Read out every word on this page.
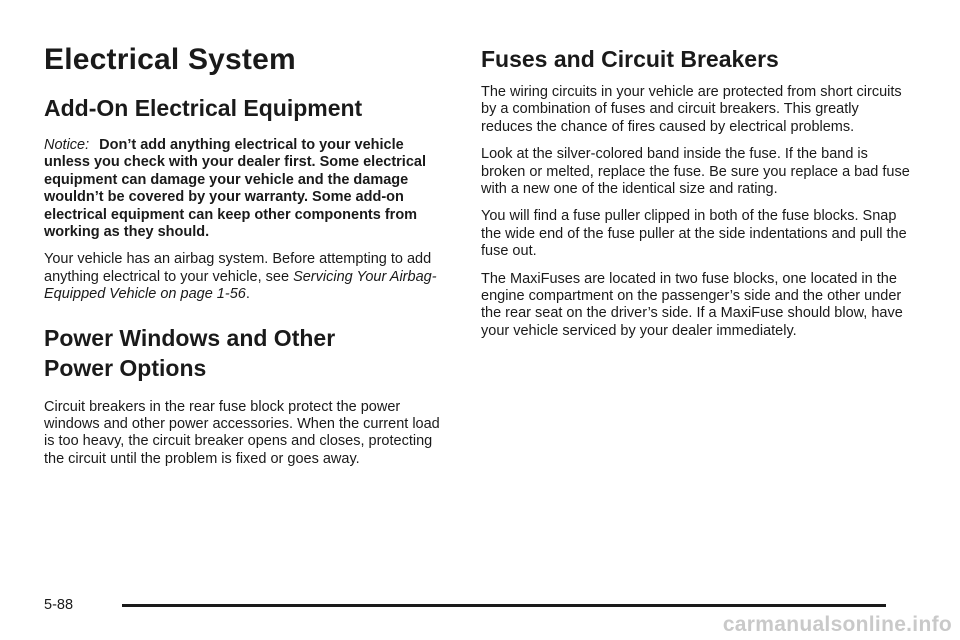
Electrical System
Add-On Electrical Equipment

Notice: Don’t add anything electrical to your vehicle unless you check with your dealer first. Some electrical equipment can damage your vehicle and the damage wouldn’t be covered by your warranty. Some add-on electrical equipment can keep other components from working as they should.

Your vehicle has an airbag system. Before attempting to add anything electrical to your vehicle, see Servicing Your Airbag-Equipped Vehicle on page 1-56.

Power Windows and Other
Power Options

Circuit breakers in the rear fuse block protect the power windows and other power accessories. When the current load is too heavy, the circuit breaker opens and closes, protecting the circuit until the problem is fixed or goes away.

Fuses and Circuit Breakers

The wiring circuits in your vehicle are protected from short circuits by a combination of fuses and circuit breakers. This greatly reduces the chance of fires caused by electrical problems.

Look at the silver-colored band inside the fuse. If the band is broken or melted, replace the fuse. Be sure you replace a bad fuse with a new one of the identical size and rating.

You will find a fuse puller clipped in both of the fuse blocks. Snap the wide end of the fuse puller at the side indentations and pull the fuse out.

The MaxiFuses are located in two fuse blocks, one located in the engine compartment on the passenger’s side and the other under the rear seat on the driver’s side. If a MaxiFuse should blow, have your vehicle serviced by your dealer immediately.

5-88
carmanualsonline.info
